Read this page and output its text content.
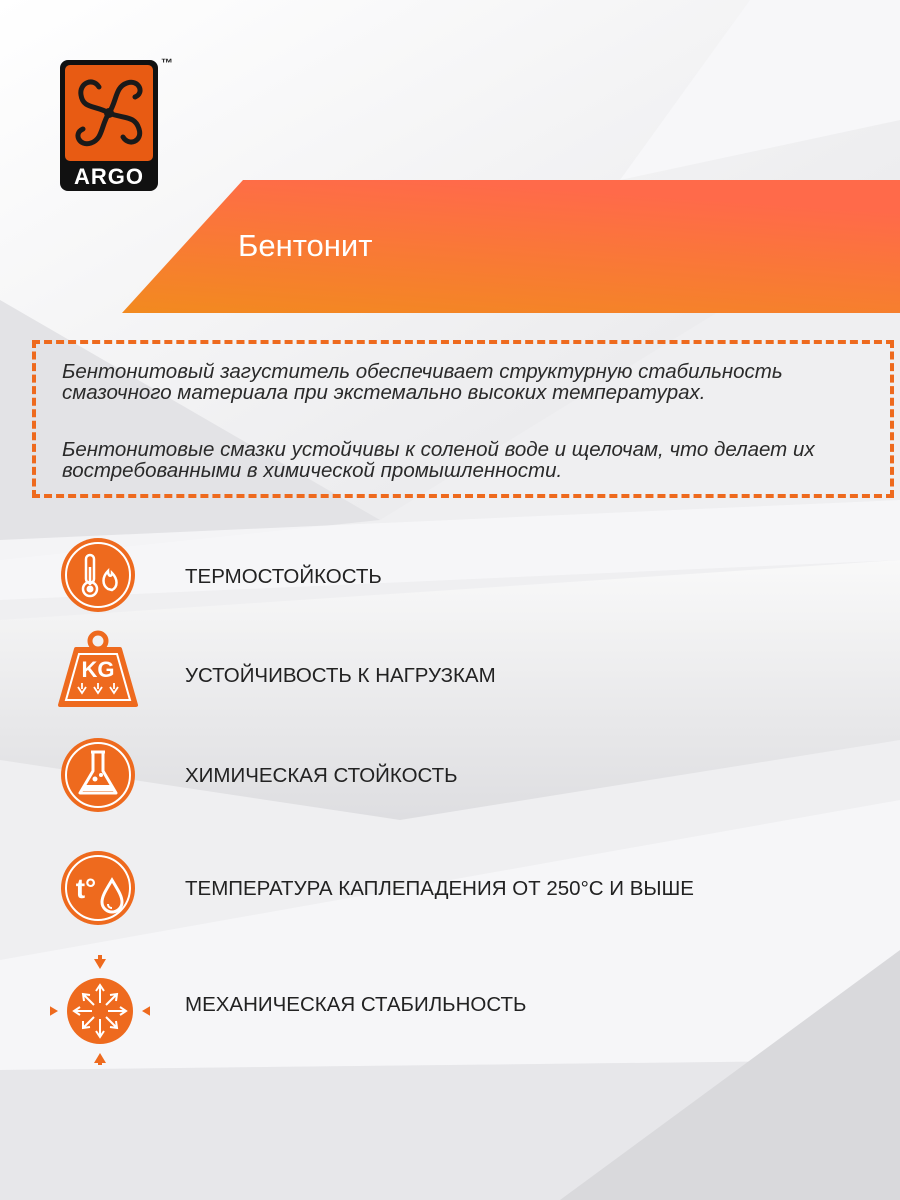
Бентонит
ARGO
™

Бентонитовый загуститель обеспечивает структурную стабильность смазочного материала при экстемально высоких температурах.

Бентонитовые смазки устойчивы к соленой воде и щелочам, что делает их востребованными в химической промышленности.

ТЕРМОСТОЙКОСТЬ
KG	УСТОЙЧИВОСТЬ К НАГРУЗКАМ
ХИМИЧЕСКАЯ СТОЙКОСТЬ
t°	ТЕМПЕРАТУРА КАПЛЕПАДЕНИЯ ОТ 250°С И ВЫШЕ
МЕХАНИЧЕСКАЯ СТАБИЛЬНОСТЬ
